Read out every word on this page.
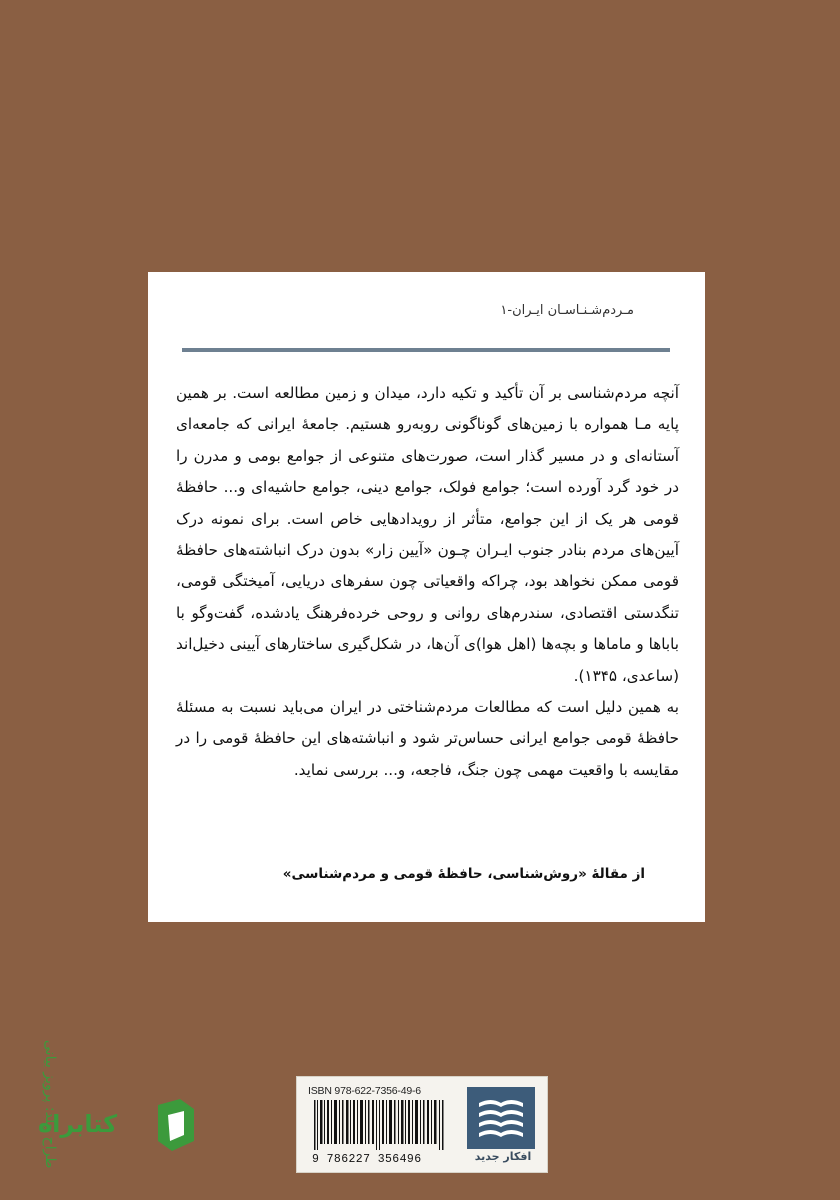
مـردم‌شـنـاسـان ایـران-۱

آنچه مردم‌شناسی بر آن تأکید و تکیه دارد، میدان و زمین مطالعه است. بر همین پایه مـا همواره با زمین‌های گوناگونی روبه‌رو هستیم. جامعهٔ ایرانی که جامعه‌ای آستانه‌ای و در مسیر گذار است، صورت‌های متنوعی از جوامع بومی و مدرن را در خود گرد آورده است؛ جوامع فولک، جوامع دینی، جوامع حاشیه‌ای و... حافظهٔ قومی هر یک از این جوامع، متأثر از رویدادهایی خاص است. برای نمونه درک آیین‌های مردم بنادر جنوب ایـران چـون «آیین زار» بدون درک انباشته‌های حافظهٔ قومی ممکن نخواهد بود، چراکه واقعیاتی چون سفرهای دریایی، آمیختگی قومی، تنگدستی اقتصادی، سندرم‌های روانی و روحی خرده‌فرهنگ یادشده، گفت‌وگو با باباها و ماماها و بچه‌ها (اهل هوا)ی آن‌ها، در شکل‌گیری ساختارهای آیینی دخیل‌اند (ساعدی، ۱۳۴۵).

به همین دلیل است که مطالعات مردم‌شناختی در ایران می‌باید نسبت به مسئلهٔ حافظهٔ قومی جوامع ایرانی حساس‌تر شود و انباشته‌های این حافظهٔ قومی را در مقایسه با واقعیت مهمی چون جنگ، فاجعه، و... بررسی نماید.

از مقالهٔ «روش‌شناسی، حافظهٔ قومی و مردم‌شناسی»
طراح جلد: پرویز بیانی
کتابراه
ISBN 978-622-7356-49-6
9 786227 356496	افکار جدید
